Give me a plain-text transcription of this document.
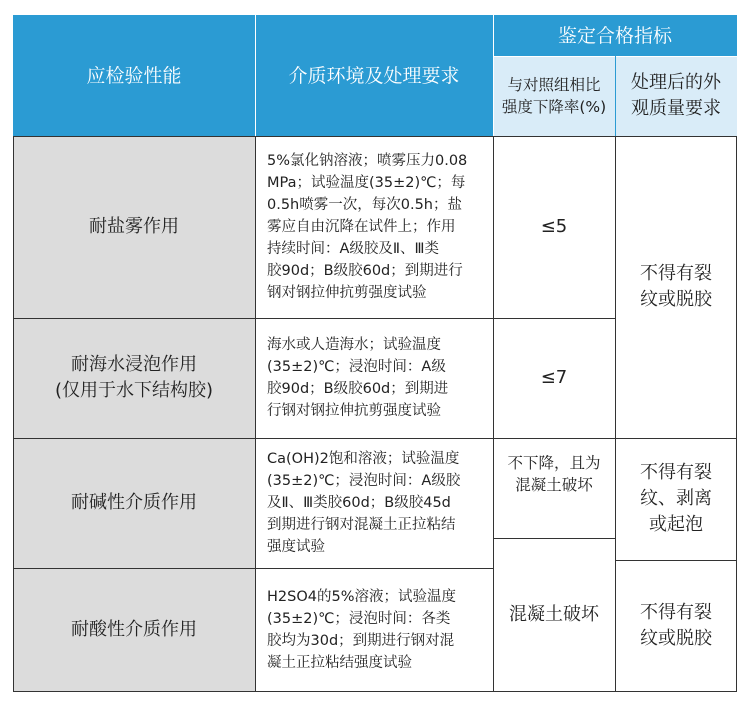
应检验性能	介质环境及处理要求
鉴定合格指标
与对照组相比
强度下降率(%)
处理后的外
观质量要求
耐盐雾作用
5%氯化钠溶液；喷雾压力0.08
MPa；试验温度(35±2)℃；每
0.5h喷雾一次，每次0.5h；盐
雾应自由沉降在试件上；作用
持续时间：A级胶及Ⅱ、Ⅲ类
胶90d；B级胶60d；到期进行
钢对钢拉伸抗剪强度试验
≤5
不得有裂
纹或脱胶
耐海水浸泡作用
(仅用于水下结构胶)
海水或人造海水；试验温度
(35±2)℃；浸泡时间：A级
胶90d；B级胶60d；到期进
行钢对钢拉伸抗剪强度试验
≤7
耐碱性介质作用
Ca(OH)2饱和溶液；试验温度
(35±2)℃；浸泡时间：A级胶
及Ⅱ、Ⅲ类胶60d；B级胶45d
到期进行钢对混凝土正拉粘结
强度试验
不下降，且为
混凝土破坏
不得有裂
纹、剥离
或起泡
耐酸性介质作用
H2SO4的5%溶液；试验温度
(35±2)℃；浸泡时间：各类
胶均为30d；到期进行钢对混
凝土正拉粘结强度试验
混凝土破坏 不得有裂
纹或脱胶
